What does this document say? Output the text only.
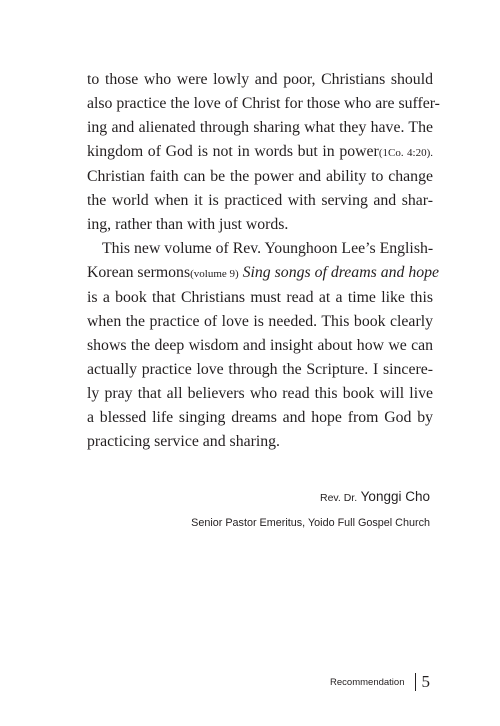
to those who were lowly and poor, Christians should
also practice the love of Christ for those who are suffer-
ing and alienated through sharing what they have. The
kingdom of God is not in words but in power(1Co. 4:20).
Christian faith can be the power and ability to change
the world when it is practiced with serving and shar-
ing, rather than with just words.
This new volume of Rev. Younghoon Lee’s English-
Korean sermons(volume 9) Sing songs of dreams and hope
is a book that Christians must read at a time like this
when the practice of love is needed. This book clearly
shows the deep wisdom and insight about how we can
actually practice love through the Scripture. I sincere-
ly pray that all believers who read this book will live
a blessed life singing dreams and hope from God by
practicing service and sharing.
Rev. Dr. Yonggi Cho
Senior Pastor Emeritus, Yoido Full Gospel Church
Recommendation 5
